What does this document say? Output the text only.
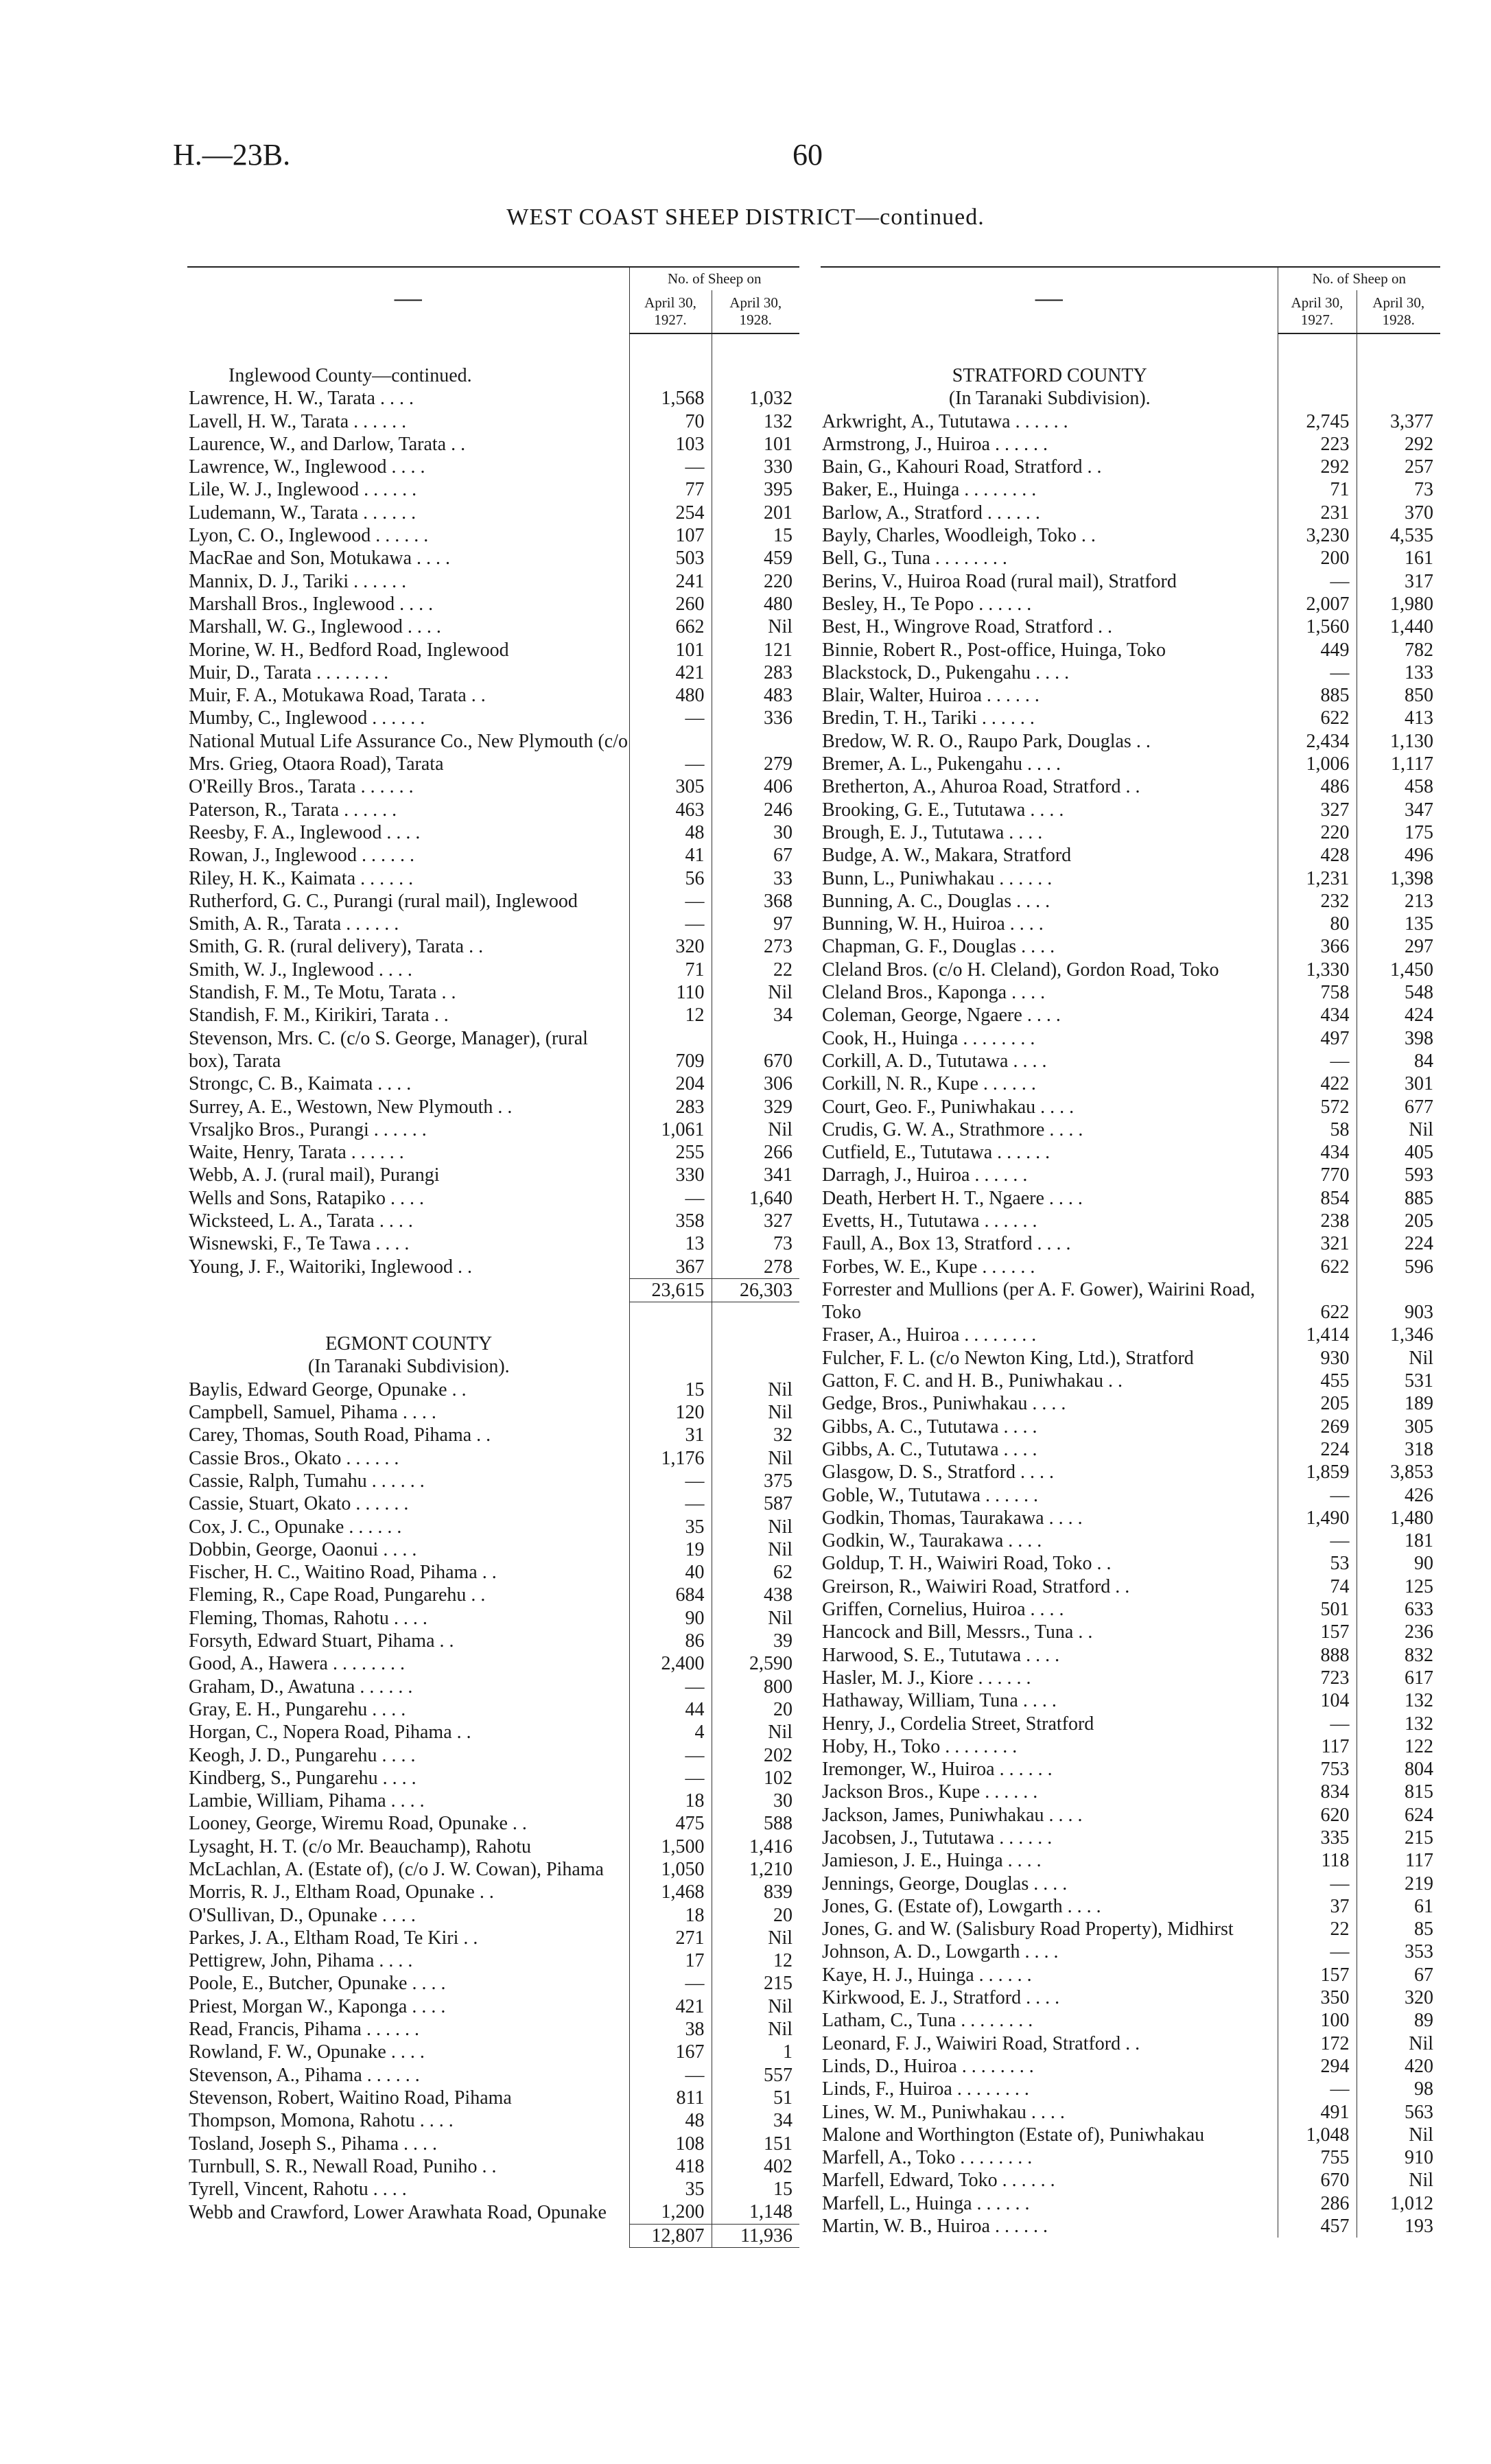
H.—23B.	60
WEST COAST SHEEP DISTRICT—continued.
—	No. of Sheep on	
	April 30, 1927.	April 30, 1928.

Inglewood County—continued.		
Lawrence, H. W., Tarata . . . .	1,568	1,032
Lavell, H. W., Tarata . . . . . .	70	132
Laurence, W., and Darlow, Tarata . .	103	101
Lawrence, W., Inglewood . . . .	—	330
Lile, W. J., Inglewood . . . . . .	77	395
Ludemann, W., Tarata . . . . . .	254	201
Lyon, C. O., Inglewood . . . . . .	107	15
MacRae and Son, Motukawa . . . .	503	459
Mannix, D. J., Tariki . . . . . .	241	220
Marshall Bros., Inglewood . . . .	260	480
Marshall, W. G., Inglewood . . . .	662	Nil
Morine, W. H., Bedford Road, Inglewood	101	121
Muir, D., Tarata . . . . . . . .	421	283
Muir, F. A., Motukawa Road, Tarata . .	480	483
Mumby, C., Inglewood . . . . . .	—	336
National Mutual Life Assurance Co., New Plymouth (c/o Mrs. Grieg, Otaora Road), Tarata	—	279
O'Reilly Bros., Tarata . . . . . .	305	406
Paterson, R., Tarata . . . . . .	463	246
Reesby, F. A., Inglewood . . . .	48	30
Rowan, J., Inglewood . . . . . .	41	67
Riley, H. K., Kaimata . . . . . .	56	33
Rutherford, G. C., Purangi (rural mail), Inglewood	—	368
Smith, A. R., Tarata . . . . . .	—	97
Smith, G. R. (rural delivery), Tarata . .	320	273
Smith, W. J., Inglewood . . . .	71	22
Standish, F. M., Te Motu, Tarata . .	110	Nil
Standish, F. M., Kirikiri, Tarata . .	12	34
Stevenson, Mrs. C. (c/o S. George, Manager), (rural box), Tarata	709	670
Strongc, C. B., Kaimata . . . .	204	306
Surrey, A. E., Westown, New Plymouth . .	283	329
Vrsaljko Bros., Purangi . . . . . .	1,061	Nil
Waite, Henry, Tarata . . . . . .	255	266
Webb, A. J. (rural mail), Purangi	330	341
Wells and Sons, Ratapiko . . . .	—	1,640
Wicksteed, L. A., Tarata . . . .	358	327
Wisnewski, F., Te Tawa . . . .	13	73
Young, J. F., Waitoriki, Inglewood . .	367	278
	23,615	26,303

EGMONT COUNTY		
(In Taranaki Subdivision).		
Baylis, Edward George, Opunake . .	15	Nil
Campbell, Samuel, Pihama . . . .	120	Nil
Carey, Thomas, South Road, Pihama . .	31	32
Cassie Bros., Okato . . . . . .	1,176	Nil
Cassie, Ralph, Tumahu . . . . . .	—	375
Cassie, Stuart, Okato . . . . . .	—	587
Cox, J. C., Opunake . . . . . .	35	Nil
Dobbin, George, Oaonui . . . .	19	Nil
Fischer, H. C., Waitino Road, Pihama . .	40	62
Fleming, R., Cape Road, Pungarehu . .	684	438
Fleming, Thomas, Rahotu . . . .	90	Nil
Forsyth, Edward Stuart, Pihama . .	86	39
Good, A., Hawera . . . . . . . .	2,400	2,590
Graham, D., Awatuna . . . . . .	—	800
Gray, E. H., Pungarehu . . . .	44	20
Horgan, C., Nopera Road, Pihama . .	4	Nil
Keogh, J. D., Pungarehu . . . .	—	202
Kindberg, S., Pungarehu . . . .	—	102
Lambie, William, Pihama . . . .	18	30
Looney, George, Wiremu Road, Opunake . .	475	588
Lysaght, H. T. (c/o Mr. Beauchamp), Rahotu	1,500	1,416
McLachlan, A. (Estate of), (c/o J. W. Cowan), Pihama	1,050	1,210
Morris, R. J., Eltham Road, Opunake . .	1,468	839
O'Sullivan, D., Opunake . . . .	18	20
Parkes, J. A., Eltham Road, Te Kiri . .	271	Nil
Pettigrew, John, Pihama . . . .	17	12
Poole, E., Butcher, Opunake . . . .	—	215
Priest, Morgan W., Kaponga . . . .	421	Nil
Read, Francis, Pihama . . . . . .	38	Nil
Rowland, F. W., Opunake . . . .	167	1
Stevenson, A., Pihama . . . . . .	—	557
Stevenson, Robert, Waitino Road, Pihama	811	51
Thompson, Momona, Rahotu . . . .	48	34
Tosland, Joseph S., Pihama . . . .	108	151
Turnbull, S. R., Newall Road, Puniho . .	418	402
Tyrell, Vincent, Rahotu . . . .	35	15
Webb and Crawford, Lower Arawhata Road, Opunake	1,200	1,148
	12,807	11,936
—	No. of Sheep on	
	April 30, 1927.	April 30, 1928.

STRATFORD COUNTY		
(In Taranaki Subdivision).		
Arkwright, A., Tututawa . . . . . .	2,745	3,377
Armstrong, J., Huiroa . . . . . .	223	292
Bain, G., Kahouri Road, Stratford . .	292	257
Baker, E., Huinga . . . . . . . .	71	73
Barlow, A., Stratford . . . . . .	231	370
Bayly, Charles, Woodleigh, Toko . .	3,230	4,535
Bell, G., Tuna . . . . . . . .	200	161
Berins, V., Huiroa Road (rural mail), Stratford	—	317
Besley, H., Te Popo . . . . . .	2,007	1,980
Best, H., Wingrove Road, Stratford . .	1,560	1,440
Binnie, Robert R., Post-office, Huinga, Toko	449	782
Blackstock, D., Pukengahu . . . .	—	133
Blair, Walter, Huiroa . . . . . .	885	850
Bredin, T. H., Tariki . . . . . .	622	413
Bredow, W. R. O., Raupo Park, Douglas . .	2,434	1,130
Bremer, A. L., Pukengahu . . . .	1,006	1,117
Bretherton, A., Ahuroa Road, Stratford . .	486	458
Brooking, G. E., Tututawa . . . .	327	347
Brough, E. J., Tututawa . . . .	220	175
Budge, A. W., Makara, Stratford	428	496
Bunn, L., Puniwhakau . . . . . .	1,231	1,398
Bunning, A. C., Douglas . . . .	232	213
Bunning, W. H., Huiroa . . . .	80	135
Chapman, G. F., Douglas . . . .	366	297
Cleland Bros. (c/o H. Cleland), Gordon Road, Toko	1,330	1,450
Cleland Bros., Kaponga . . . .	758	548
Coleman, George, Ngaere . . . .	434	424
Cook, H., Huinga . . . . . . . .	497	398
Corkill, A. D., Tututawa . . . .	—	84
Corkill, N. R., Kupe . . . . . .	422	301
Court, Geo. F., Puniwhakau . . . .	572	677
Crudis, G. W. A., Strathmore . . . .	58	Nil
Cutfield, E., Tututawa . . . . . .	434	405
Darragh, J., Huiroa . . . . . .	770	593
Death, Herbert H. T., Ngaere . . . .	854	885
Evetts, H., Tututawa . . . . . .	238	205
Faull, A., Box 13, Stratford . . . .	321	224
Forbes, W. E., Kupe . . . . . .	622	596
Forrester and Mullions (per A. F. Gower), Wairini Road, Toko	622	903
Fraser, A., Huiroa . . . . . . . .	1,414	1,346
Fulcher, F. L. (c/o Newton King, Ltd.), Stratford	930	Nil
Gatton, F. C. and H. B., Puniwhakau . .	455	531
Gedge, Bros., Puniwhakau . . . .	205	189
Gibbs, A. C., Tututawa . . . .	269	305
Gibbs, A. C., Tututawa . . . .	224	318
Glasgow, D. S., Stratford . . . .	1,859	3,853
Goble, W., Tututawa . . . . . .	—	426
Godkin, Thomas, Taurakawa . . . .	1,490	1,480
Godkin, W., Taurakawa . . . .	—	181
Goldup, T. H., Waiwiri Road, Toko . .	53	90
Greirson, R., Waiwiri Road, Stratford . .	74	125
Griffen, Cornelius, Huiroa . . . .	501	633
Hancock and Bill, Messrs., Tuna . .	157	236
Harwood, S. E., Tututawa . . . .	888	832
Hasler, M. J., Kiore . . . . . .	723	617
Hathaway, William, Tuna . . . .	104	132
Henry, J., Cordelia Street, Stratford	—	132
Hoby, H., Toko . . . . . . . .	117	122
Iremonger, W., Huiroa . . . . . .	753	804
Jackson Bros., Kupe . . . . . .	834	815
Jackson, James, Puniwhakau . . . .	620	624
Jacobsen, J., Tututawa . . . . . .	335	215
Jamieson, J. E., Huinga . . . .	118	117
Jennings, George, Douglas . . . .	—	219
Jones, G. (Estate of), Lowgarth . . . .	37	61
Jones, G. and W. (Salisbury Road Property), Midhirst	22	85
Johnson, A. D., Lowgarth . . . .	—	353
Kaye, H. J., Huinga . . . . . .	157	67
Kirkwood, E. J., Stratford . . . .	350	320
Latham, C., Tuna . . . . . . . .	100	89
Leonard, F. J., Waiwiri Road, Stratford . .	172	Nil
Linds, D., Huiroa . . . . . . . .	294	420
Linds, F., Huiroa . . . . . . . .	—	98
Lines, W. M., Puniwhakau . . . .	491	563
Malone and Worthington (Estate of), Puniwhakau	1,048	Nil
Marfell, A., Toko . . . . . . . .	755	910
Marfell, Edward, Toko . . . . . .	670	Nil
Marfell, L., Huinga . . . . . .	286	1,012
Martin, W. B., Huiroa . . . . . .	457	193
